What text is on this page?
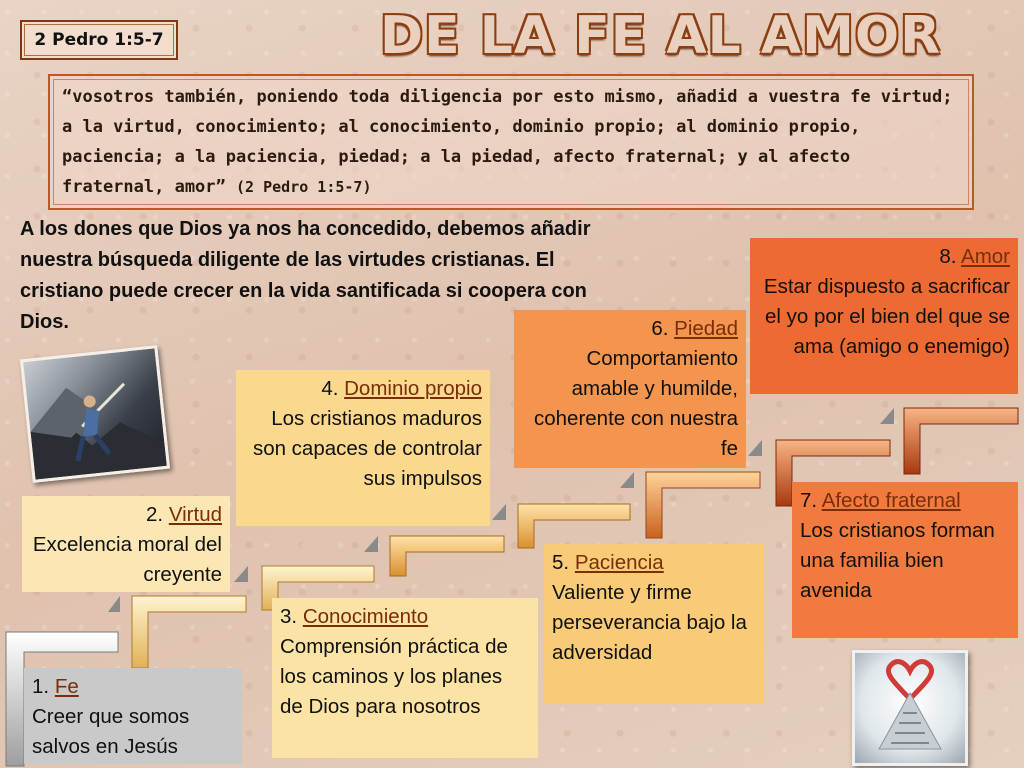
2 Pedro 1:5-7	DE LA FE AL AMOR
“vosotros también, poniendo toda diligencia por esto mismo, añadid a vuestra fe virtud; a la virtud, conocimiento; al conocimiento, dominio propio; al dominio propio, paciencia; a la paciencia, piedad; a la piedad, afecto fraternal; y al afecto fraternal, amor” (2 Pedro 1:5-7)
A los dones que Dios ya nos ha concedido, debemos añadir nuestra búsqueda diligente de las virtudes cristianas. El cristiano puede crecer en la vida santificada si coopera con Dios.
1. Fe
Creer que somos salvos en Jesús
2. Virtud
Excelencia moral del creyente
3. Conocimiento
Comprensión práctica de los caminos y los planes de Dios para nosotros
4. Dominio propio
Los cristianos maduros son capaces de controlar sus impulsos
5. Paciencia
Valiente y firme perseverancia bajo la adversidad
6. Piedad
Comportamiento amable y humilde, coherente con nuestra fe
7. Afecto fraternal
Los cristianos forman una familia bien avenida
8. Amor
Estar dispuesto a sacrificar el yo por el bien del que se ama (amigo o enemigo)
